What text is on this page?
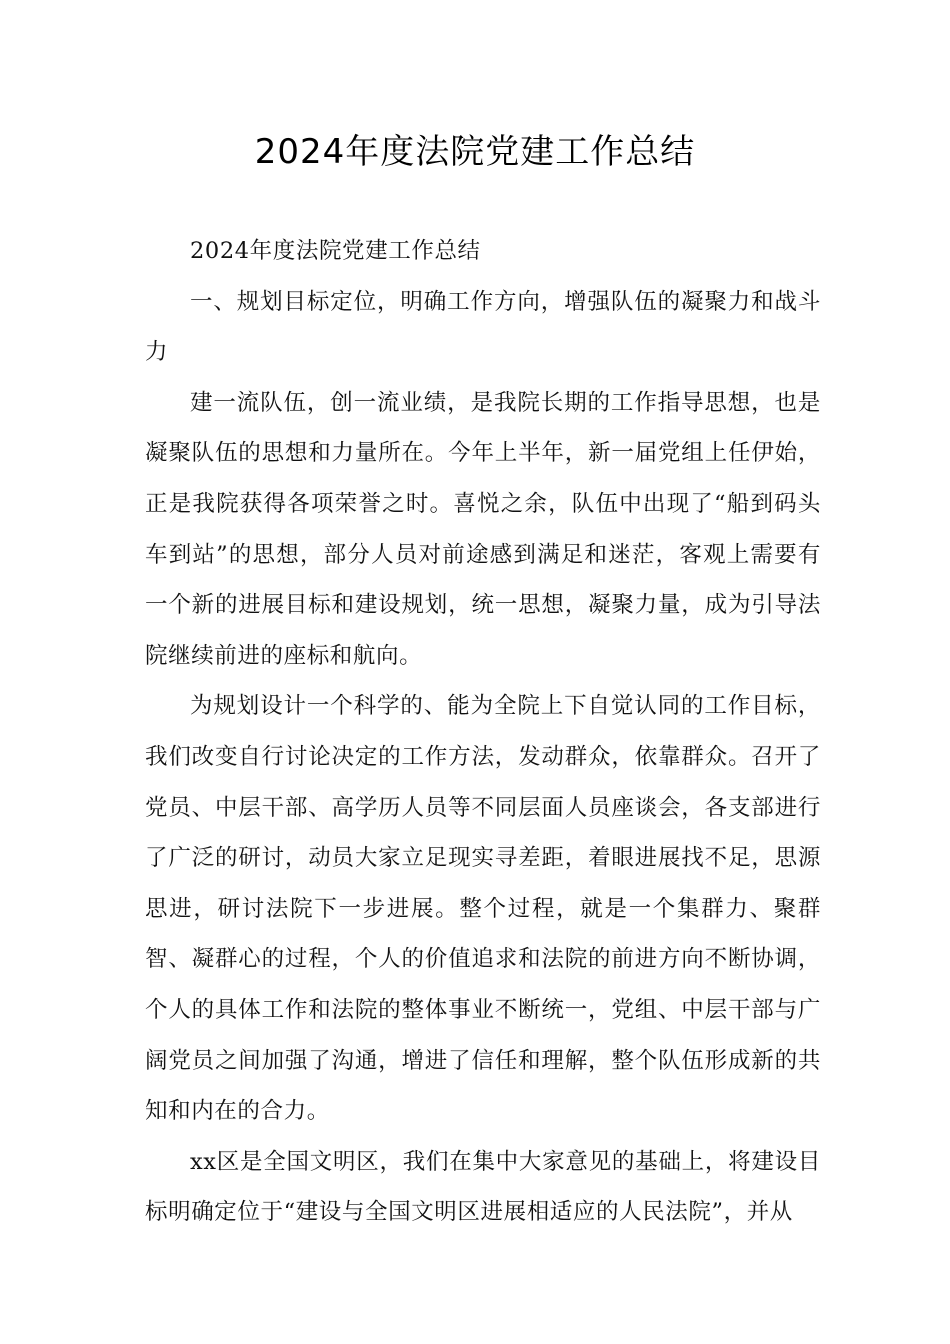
2024年度法院党建工作总结

2024年度法院党建工作总结

一、规划目标定位，明确工作方向，增强队伍的凝聚力和战斗力

建一流队伍，创一流业绩，是我院长期的工作指导思想，也是凝聚队伍的思想和力量所在。今年上半年，新一届党组上任伊始，正是我院获得各项荣誉之时。喜悦之余，队伍中出现了“船到码头车到站”的思想，部分人员对前途感到满足和迷茫，客观上需要有一个新的进展目标和建设规划，统一思想，凝聚力量，成为引导法院继续前进的座标和航向。

为规划设计一个科学的、能为全院上下自觉认同的工作目标，我们改变自行讨论决定的工作方法，发动群众，依靠群众。召开了党员、中层干部、高学历人员等不同层面人员座谈会，各支部进行了广泛的研讨，动员大家立足现实寻差距，着眼进展找不足，思源思进，研讨法院下一步进展。整个过程，就是一个集群力、聚群智、凝群心的过程，个人的价值追求和法院的前进方向不断协调，个人的具体工作和法院的整体事业不断统一，党组、中层干部与广阔党员之间加强了沟通，增进了信任和理解，整个队伍形成新的共知和内在的合力。

xx区是全国文明区，我们在集中大家意见的基础上，将建设目标明确定位于“建设与全国文明区进展相适应的人民法院”，并从
